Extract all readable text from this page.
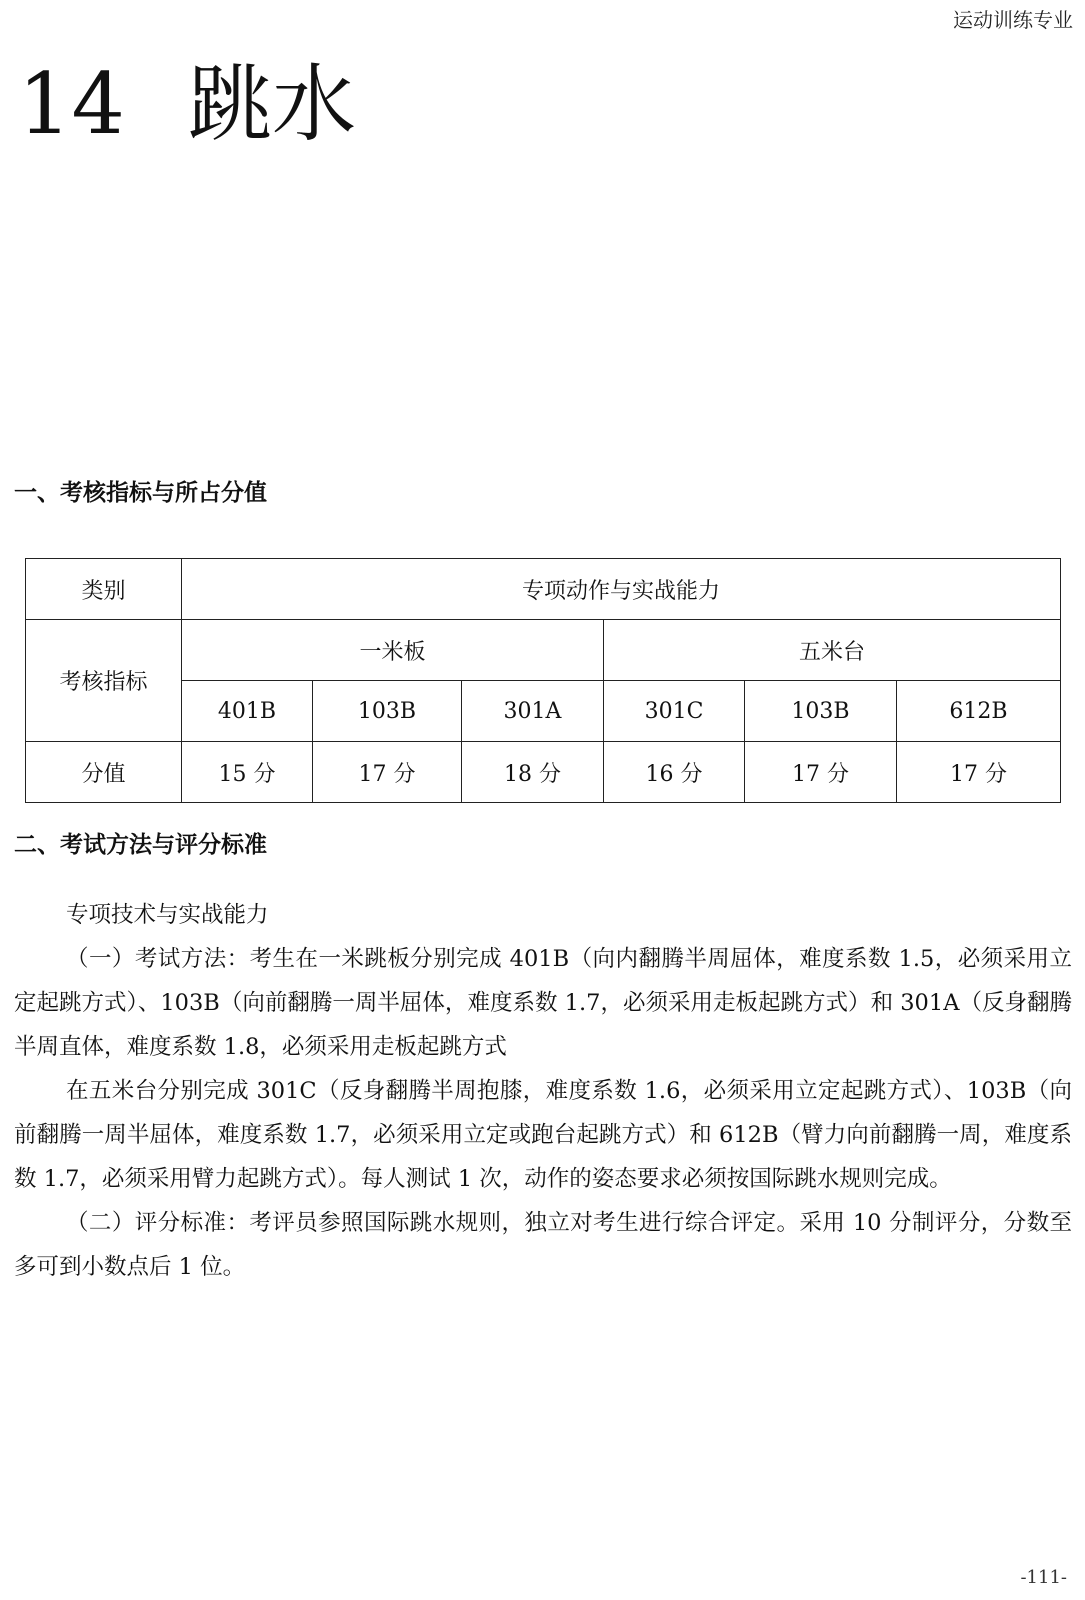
运动训练专业
14 跳水
一、考核指标与所占分值
类别	专项动作与实战能力					
考核指标	一米板			五米台		
	401B	103B	301A	301C	103B	612B
分值	15 分	17 分	18 分	16 分	17 分	17 分
二、考试方法与评分标准

专项技术与实战能力

（一）考试方法：考生在一米跳板分别完成 401B（向内翻腾半周屈体，难度系数 1.5，必须采用立定起跳方式）、103B（向前翻腾一周半屈体，难度系数 1.7，必须采用走板起跳方式）和 301A（反身翻腾半周直体，难度系数 1.8，必须采用走板起跳方式

在五米台分别完成 301C（反身翻腾半周抱膝，难度系数 1.6，必须采用立定起跳方式）、103B（向前翻腾一周半屈体，难度系数 1.7，必须采用立定或跑台起跳方式）和 612B（臂力向前翻腾一周，难度系数 1.7，必须采用臂力起跳方式）。每人测试 1 次，动作的姿态要求必须按国际跳水规则完成。

（二）评分标准：考评员参照国际跳水规则，独立对考生进行综合评定。采用 10 分制评分，分数至多可到小数点后 1 位。

-111-
